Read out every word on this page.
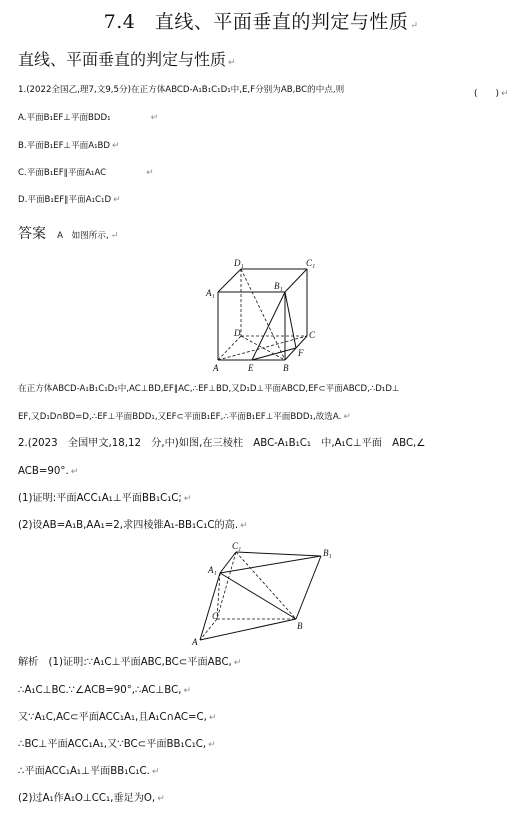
7.4　直线、平面垂直的判定与性质 ↵
直线、平面垂直的判定与性质 ↵
1.(2022全国乙,理7,文9,5分)在正方体ABCD-A₁B₁C₁D₁中,E,F分别为AB,BC的中点,则	(　　) ↵
A.平面B₁EF⊥平面BDD₁	↵
B.平面B₁EF⊥平面A₁BD ↵
C.平面B₁EF∥平面A₁AC	↵
D.平面B₁EF∥平面A₁C₁D ↵
答案 A　如图所示, ↵
D₁	C₁
A₁
B₁
D	C
A	E	B
F
在正方体ABCD-A₁B₁C₁D₁中,AC⊥BD,EF∥AC,∴EF⊥BD,又D₁D⊥平面ABCD,EF⊂平面ABCD,∴D₁D⊥
EF,又D₁D∩BD=D,∴EF⊥平面BDD₁,又EF⊂平面B₁EF,∴平面B₁EF⊥平面BDD₁,故选A. ↵
2.(2023　全国甲文,18,12　分,中)如图,在三棱柱　ABC-A₁B₁C₁　中,A₁C⊥平面　ABC,∠
ACB=90°. ↵
(1)证明:平面ACC₁A₁⊥平面BB₁C₁C; ↵
(2)设AB=A₁B,AA₁=2,求四棱锥A₁-BB₁C₁C的高. ↵
C₁
B₁
A₁
C
B
A
解析　(1)证明:∵A₁C⊥平面ABC,BC⊂平面ABC, ↵
∴A₁C⊥BC.∵∠ACB=90°,∴AC⊥BC, ↵
又∵A₁C,AC⊂平面ACC₁A₁,且A₁C∩AC=C, ↵
∴BC⊥平面ACC₁A₁,又∵BC⊂平面BB₁C₁C, ↵
∴平面ACC₁A₁⊥平面BB₁C₁C. ↵
(2)过A₁作A₁O⊥CC₁,垂足为O, ↵
